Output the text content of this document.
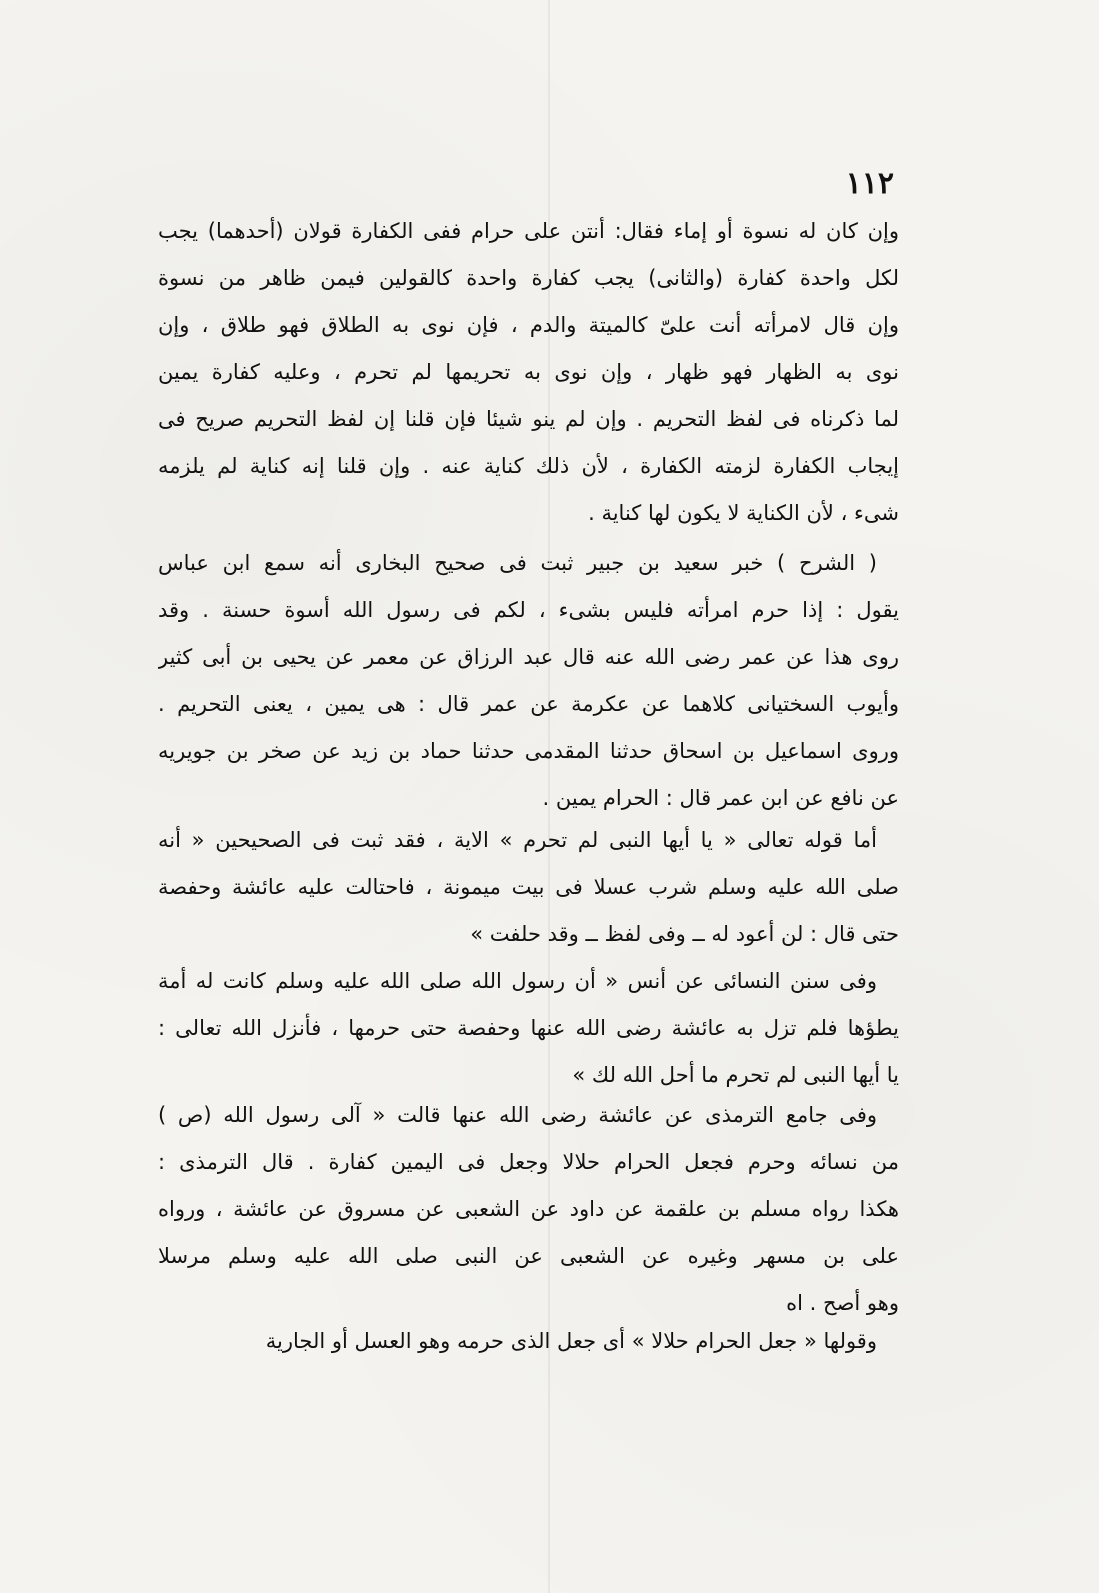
١١٢
وإن كان له نسوة أو إماء فقال: أنتن على حرام ففى الكفارة قولان (أحدهما) يجب
لكل واحدة كفارة (والثانى) يجب كفارة واحدة كالقولين فيمن ظاهر من نسوة
وإن قال لامرأته أنت علىّ كالميتة والدم ، فإن نوى به الطلاق فهو طلاق ، وإن
نوى به الظهار فهو ظهار ، وإن نوى به تحريمها لم تحرم ، وعليه كفارة يمين
لما ذكرناه فى لفظ التحريم . وإن لم ينو شيئا فإن قلنا إن لفظ التحريم صريح فى
إيجاب الكفارة لزمته الكفارة ، لأن ذلك كناية عنه . وإن قلنا إنه كناية لم يلزمه
شىء ، لأن الكناية لا يكون لها كناية .
( الشرح ) خبر سعيد بن جبير ثبت فى صحيح البخارى أنه سمع ابن عباس
يقول : إذا حرم امرأته فليس بشىء ، لكم فى رسول الله أسوة حسنة . وقد
روى هذا عن عمر رضى الله عنه قال عبد الرزاق عن معمر عن يحيى بن أبى كثير
وأيوب السختيانى كلاهما عن عكرمة عن عمر قال : هى يمين ، يعنى التحريم .
وروى اسماعيل بن اسحاق حدثنا المقدمى حدثنا حماد بن زيد عن صخر بن جويريه
عن نافع عن ابن عمر قال : الحرام يمين .
أما قوله تعالى « يا أيها النبى لم تحرم » الاية ، فقد ثبت فى الصحيحين « أنه
صلى الله عليه وسلم شرب عسلا فى بيت ميمونة ، فاحتالت عليه عائشة وحفصة
حتى قال : لن أعود له ــ وفى لفظ ــ وقد حلفت »
وفى سنن النسائى عن أنس « أن رسول الله صلى الله عليه وسلم كانت له أمة
يطؤها فلم تزل به عائشة رضى الله عنها وحفصة حتى حرمها ، فأنزل الله تعالى :
يا أيها النبى لم تحرم ما أحل الله لك »
وفى جامع الترمذى عن عائشة رضى الله عنها قالت « آلى رسول الله (ص )
من نسائه وحرم فجعل الحرام حلالا وجعل فى اليمين كفارة . قال الترمذى :
هكذا رواه مسلم بن علقمة عن داود عن الشعبى عن مسروق عن عائشة ، ورواه
على بن مسهر وغيره عن الشعبى عن النبى صلى الله عليه وسلم مرسلا
وهو أصح . اه
وقولها « جعل الحرام حلالا » أى جعل الذى حرمه وهو العسل أو الجارية
